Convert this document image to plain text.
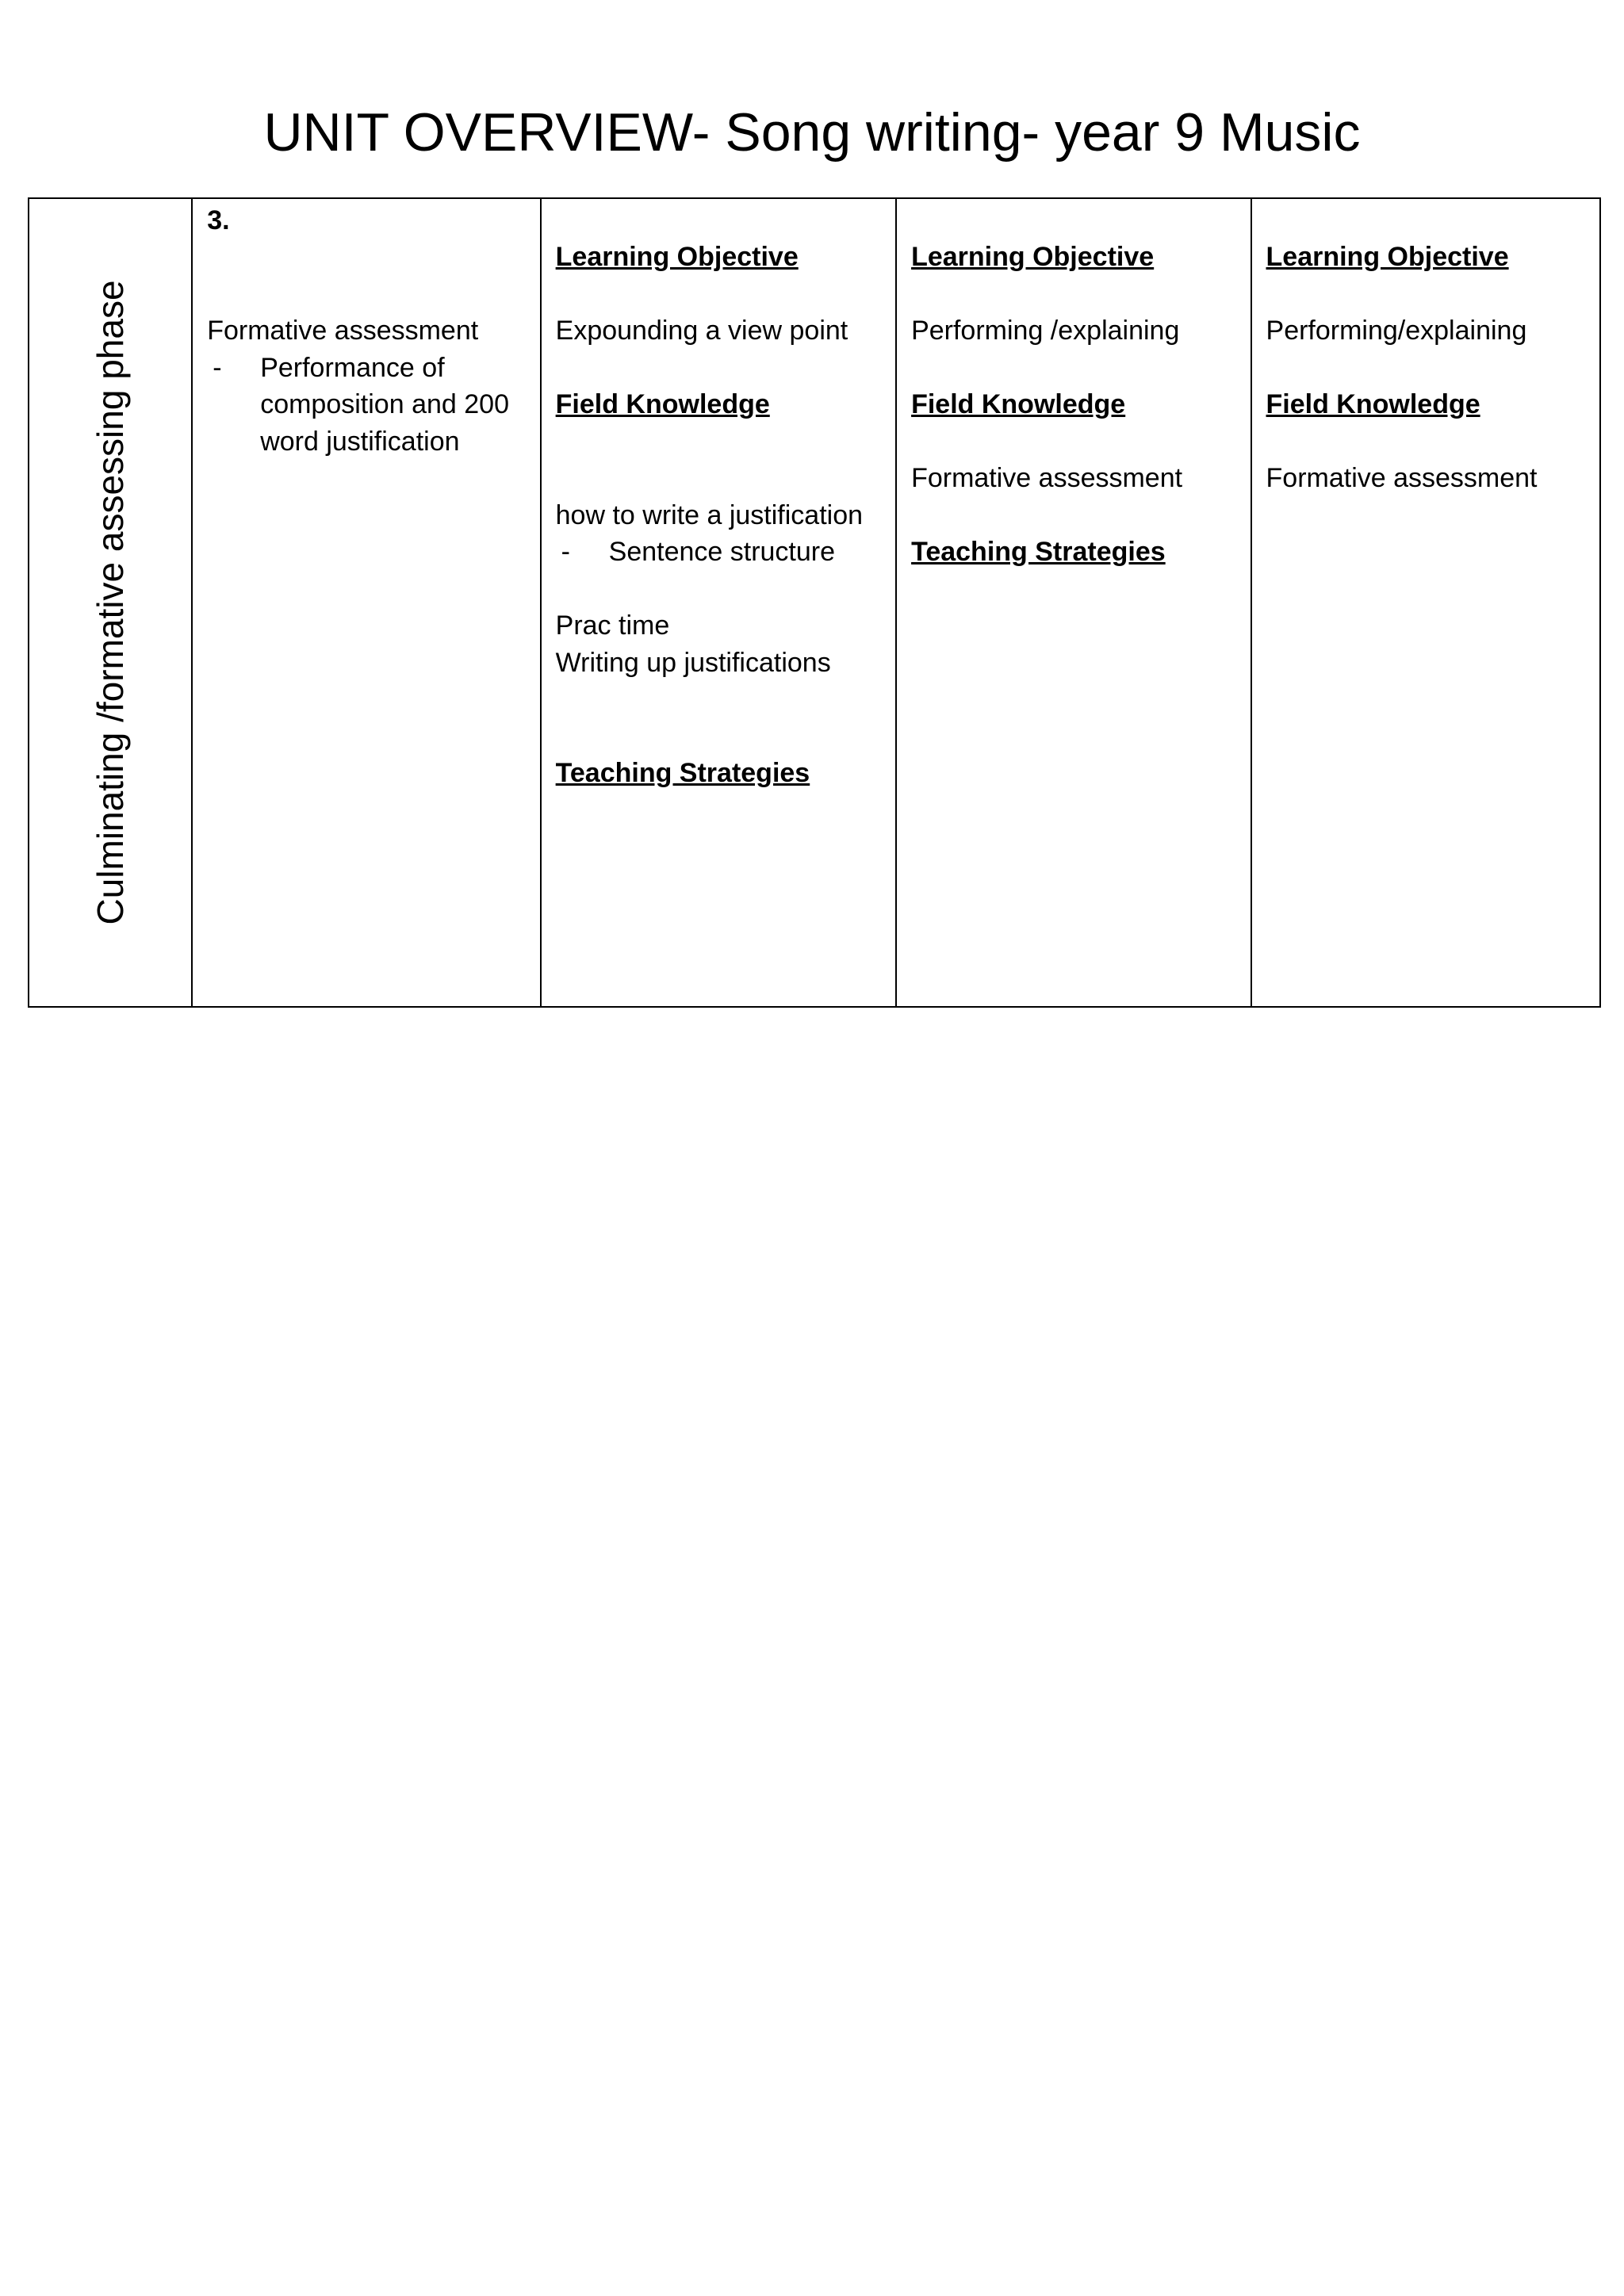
UNIT OVERVIEW- Song writing- year 9 Music
Culminating /formative assessing phase

3.
Formative assessment
- Performance of composition and 200 word justification

Learning Objective
Expounding a view point
Field Knowledge
how to write a justification
- Sentence structure
Prac time
Writing up justifications
Teaching Strategies

Learning Objective
Performing /explaining
Field Knowledge
Formative assessment
Teaching Strategies

Learning Objective
Performing/explaining
Field Knowledge
Formative assessment
